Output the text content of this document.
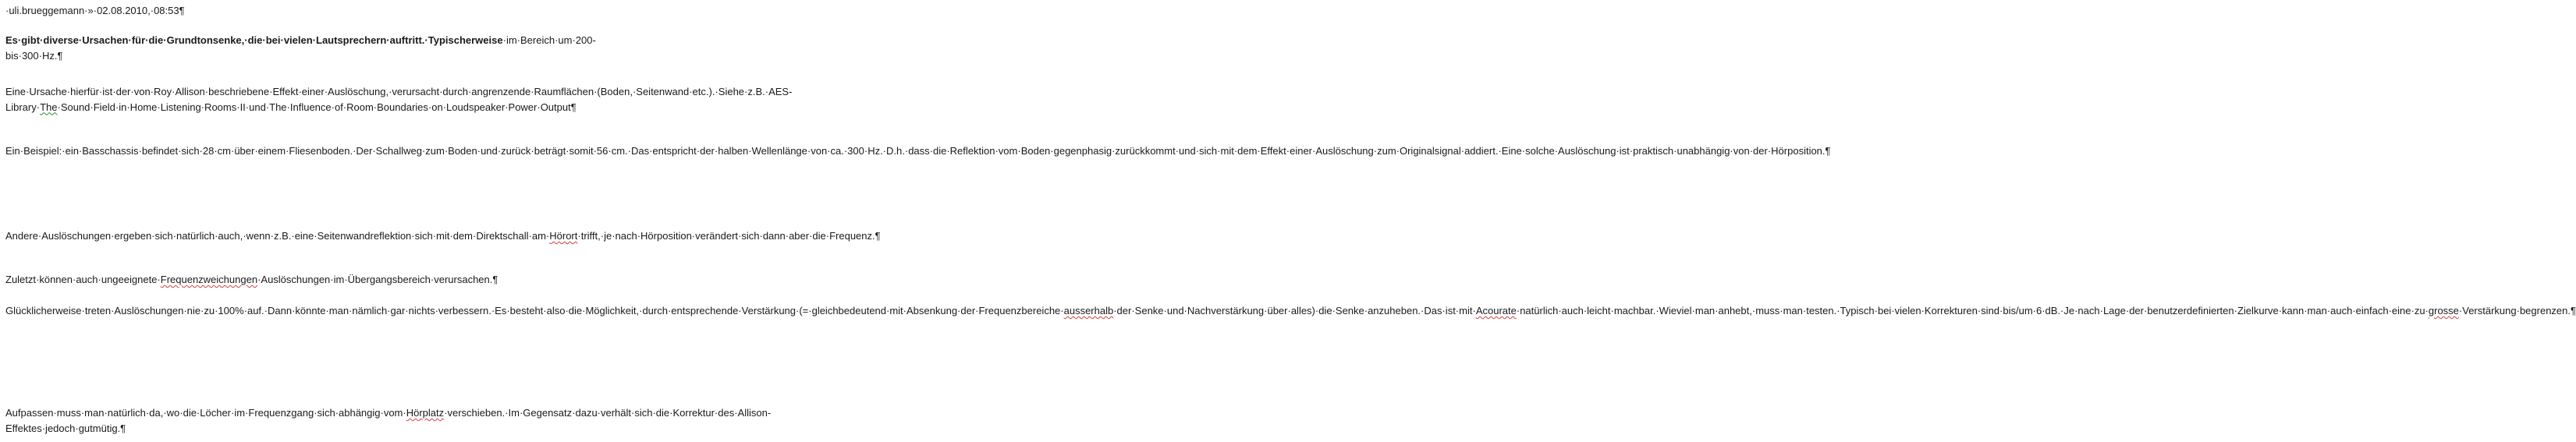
·uli.brueggemann·»·02.08.2010,·08:53¶

Es·gibt·diverse·Ursachen·für·die·Grundtonsenke,·die·bei·vielen·Lautsprechern·auftritt.·Typischerweise·im·Bereich·um·200-bis·300·Hz.¶

Eine·Ursache·hierfür·ist·der·von·Roy·Allison·beschriebene·Effekt·einer·Auslöschung,·verursacht·durch·angrenzende·Raumflächen·(Boden,·Seitenwand·etc.).·Siehe·z.B.·AES-Library·The·Sound·Field·in·Home·Listening·Rooms·II·und·The·Influence·of·Room·Boundaries·on·Loudspeaker·Power·Output¶

Ein·Beispiel:·ein·Basschassis·befindet·sich·28·cm·über·einem·Fliesenboden.·Der·Schallweg·zum·Boden·und·zurück·beträgt·somit·56·cm.·Das·entspricht·der·halben·Wellenlänge·von·ca.·300·Hz.·D.h.·dass·die·Reflektion·vom·Boden·gegenphasig·zurückkommt·und·sich·mit·dem·Effekt·einer·Auslöschung·zum·Originalsignal·addiert.·Eine·solche·Auslöschung·ist·praktisch·unabhängig·von·der·Hörposition.¶

Andere·Auslöschungen·ergeben·sich·natürlich·auch,·wenn·z.B.·eine·Seitenwandreflektion·sich·mit·dem·Direktschall·am·Hörort·trifft,·je·nach·Hörposition·verändert·sich·dann·aber·die·Frequenz.¶

Zuletzt·können·auch·ungeeignete·Frequenzweichungen·Auslöschungen·im·Übergangsbereich·verursachen.¶

Glücklicherweise·treten·Auslöschungen·nie·zu·100%·auf.·Dann·könnte·man·nämlich·gar·nichts·verbessern.·Es·besteht·also·die·Möglichkeit,·durch·entsprechende·Verstärkung·(=·gleichbedeutend·mit·Absenkung·der·Frequenzbereiche·ausserhalb·der·Senke·und·Nachverstärkung·über·alles)·die·Senke·anzuheben.·Das·ist·mit·Acourate·natürlich·auch·leicht·machbar.·Wieviel·man·anhebt,·muss·man·testen.·Typisch·bei·vielen·Korrekturen·sind·bis/um·6·dB.·Je·nach·Lage·der·benutzerdefinierten·Zielkurve·kann·man·auch·einfach·eine·zu·grosse·Verstärkung·begrenzen.¶

Aufpassen·muss·man·natürlich·da,·wo·die·Löcher·im·Frequenzgang·sich·abhängig·vom·Hörplatz·verschieben.·Im·Gegensatz·dazu·verhält·sich·die·Korrektur·des·Allison-Effektes·jedoch·gutmütig.¶
